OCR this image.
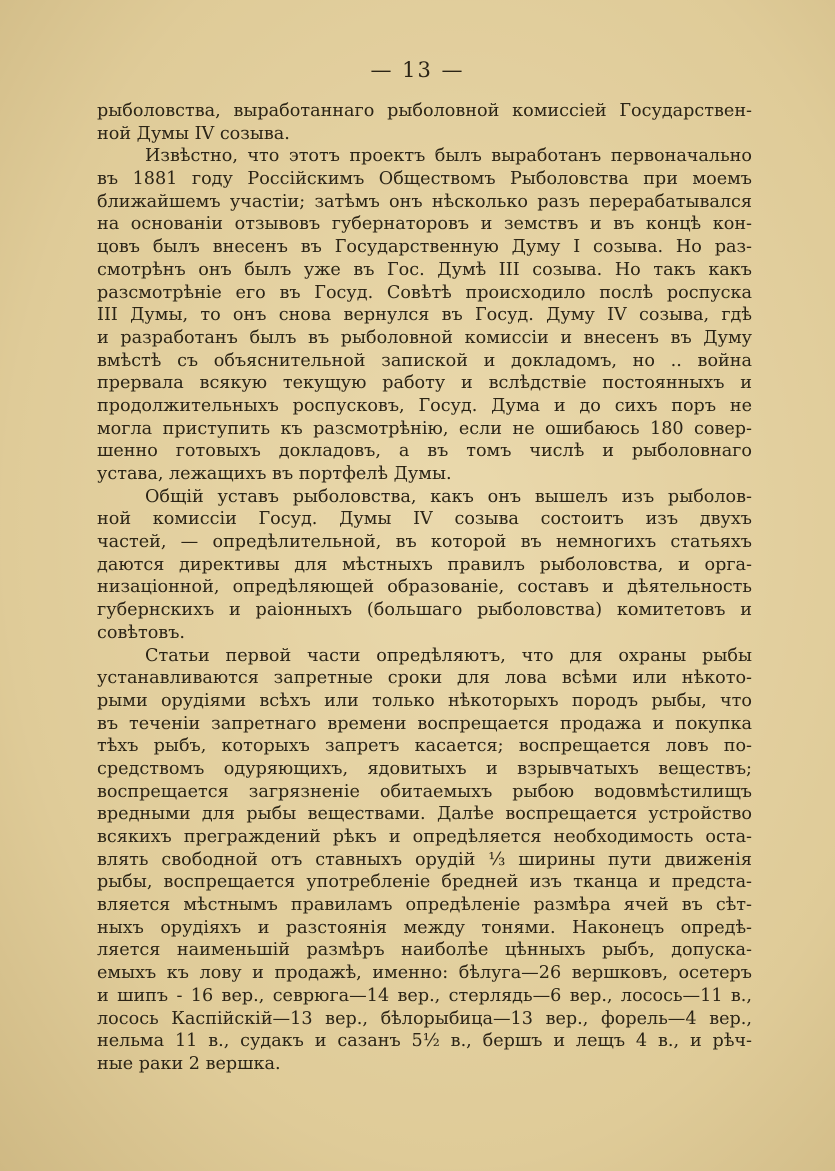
— 13 —
рыболовства, выработаннаго рыболовной комиссiей Государствен-
ной Думы IV созыва.
Извѣстно, что этотъ проектъ былъ выработанъ первоначально
въ 1881 году Россiйскимъ Обществомъ Рыболовства при моемъ
ближайшемъ участiи; затѣмъ онъ нѣсколько разъ перерабатывался
на основанiи отзывовъ губернаторовъ и земствъ и въ концѣ кон-
цовъ былъ внесенъ въ Государственную Думу I созыва. Но раз-
смотрѣнъ онъ былъ уже въ Гос. Думѣ III созыва. Но такъ какъ
разсмотрѣнiе его въ Госуд. Совѣтѣ происходило послѣ роспуска
III Думы, то онъ снова вернулся въ Госуд. Думу IV созыва, гдѣ
и разработанъ былъ въ рыболовной комиссiи и внесенъ въ Думу
вмѣстѣ съ объяснительной запиской и докладомъ, но .. война
прервала всякую текущую работу и вслѣдствiе постоянныхъ и
продолжительныхъ роспусковъ, Госуд. Дума и до сихъ поръ не
могла приступить къ разсмотрѣнiю, если не ошибаюсь 180 совер-
шенно готовыхъ докладовъ, а въ томъ числѣ и рыболовнаго
устава, лежащихъ въ портфелѣ Думы.
Общiй уставъ рыболовства, какъ онъ вышелъ изъ рыболов-
ной комиссiи Госуд. Думы IV созыва состоитъ изъ двухъ
частей, — опредѣлительной, въ которой въ немногихъ статьяхъ
даются директивы для мѣстныхъ правилъ рыболовства, и орга-
низацiонной, опредѣляющей образованiе, составъ и дѣятельность
губернскихъ и раiонныхъ (большаго рыболовства) комитетовъ и
совѣтовъ.
Статьи первой части опредѣляютъ, что для охраны рыбы
устанавливаются запретные сроки для лова всѣми или нѣкото-
рыми орудiями всѣхъ или только нѣкоторыхъ породъ рыбы, что
въ теченiи запретнаго времени воспрещается продажа и покупка
тѣхъ рыбъ, которыхъ запретъ касается; воспрещается ловъ по-
средствомъ одуряющихъ, ядовитыхъ и взрывчатыхъ веществъ;
воспрещается загрязненiе обитаемыхъ рыбою водовмѣстилищъ
вредными для рыбы веществами. Далѣе воспрещается устройство
всякихъ преграждений рѣкъ и опредѣляется необходимость оста-
влять свободной отъ ставныхъ орудiй ⅓ ширины пути движенiя
рыбы, воспрещается употребленiе бредней изъ тканца и предста-
вляется мѣстнымъ правиламъ опредѣленiе размѣра ячей въ сѣт-
ныхъ орудiяхъ и разстоянiя между тонями. Наконецъ опредѣ-
ляется наименьшiй размѣръ наиболѣе цѣнныхъ рыбъ, допуска-
емыхъ къ лову и продажѣ, именно: бѣлуга—26 вершковъ, осетеръ
и шипъ - 16 вер., севрюга—14 вер., стерлядь—6 вер., лосось—11 в.,
лосось Каспiйскiй—13 вер., бѣлорыбица—13 вер., форель—4 вер.,
нельма 11 в., судакъ и сазанъ 5½ в., бершъ и лещъ 4 в., и рѣч-
ные раки 2 вершка.
